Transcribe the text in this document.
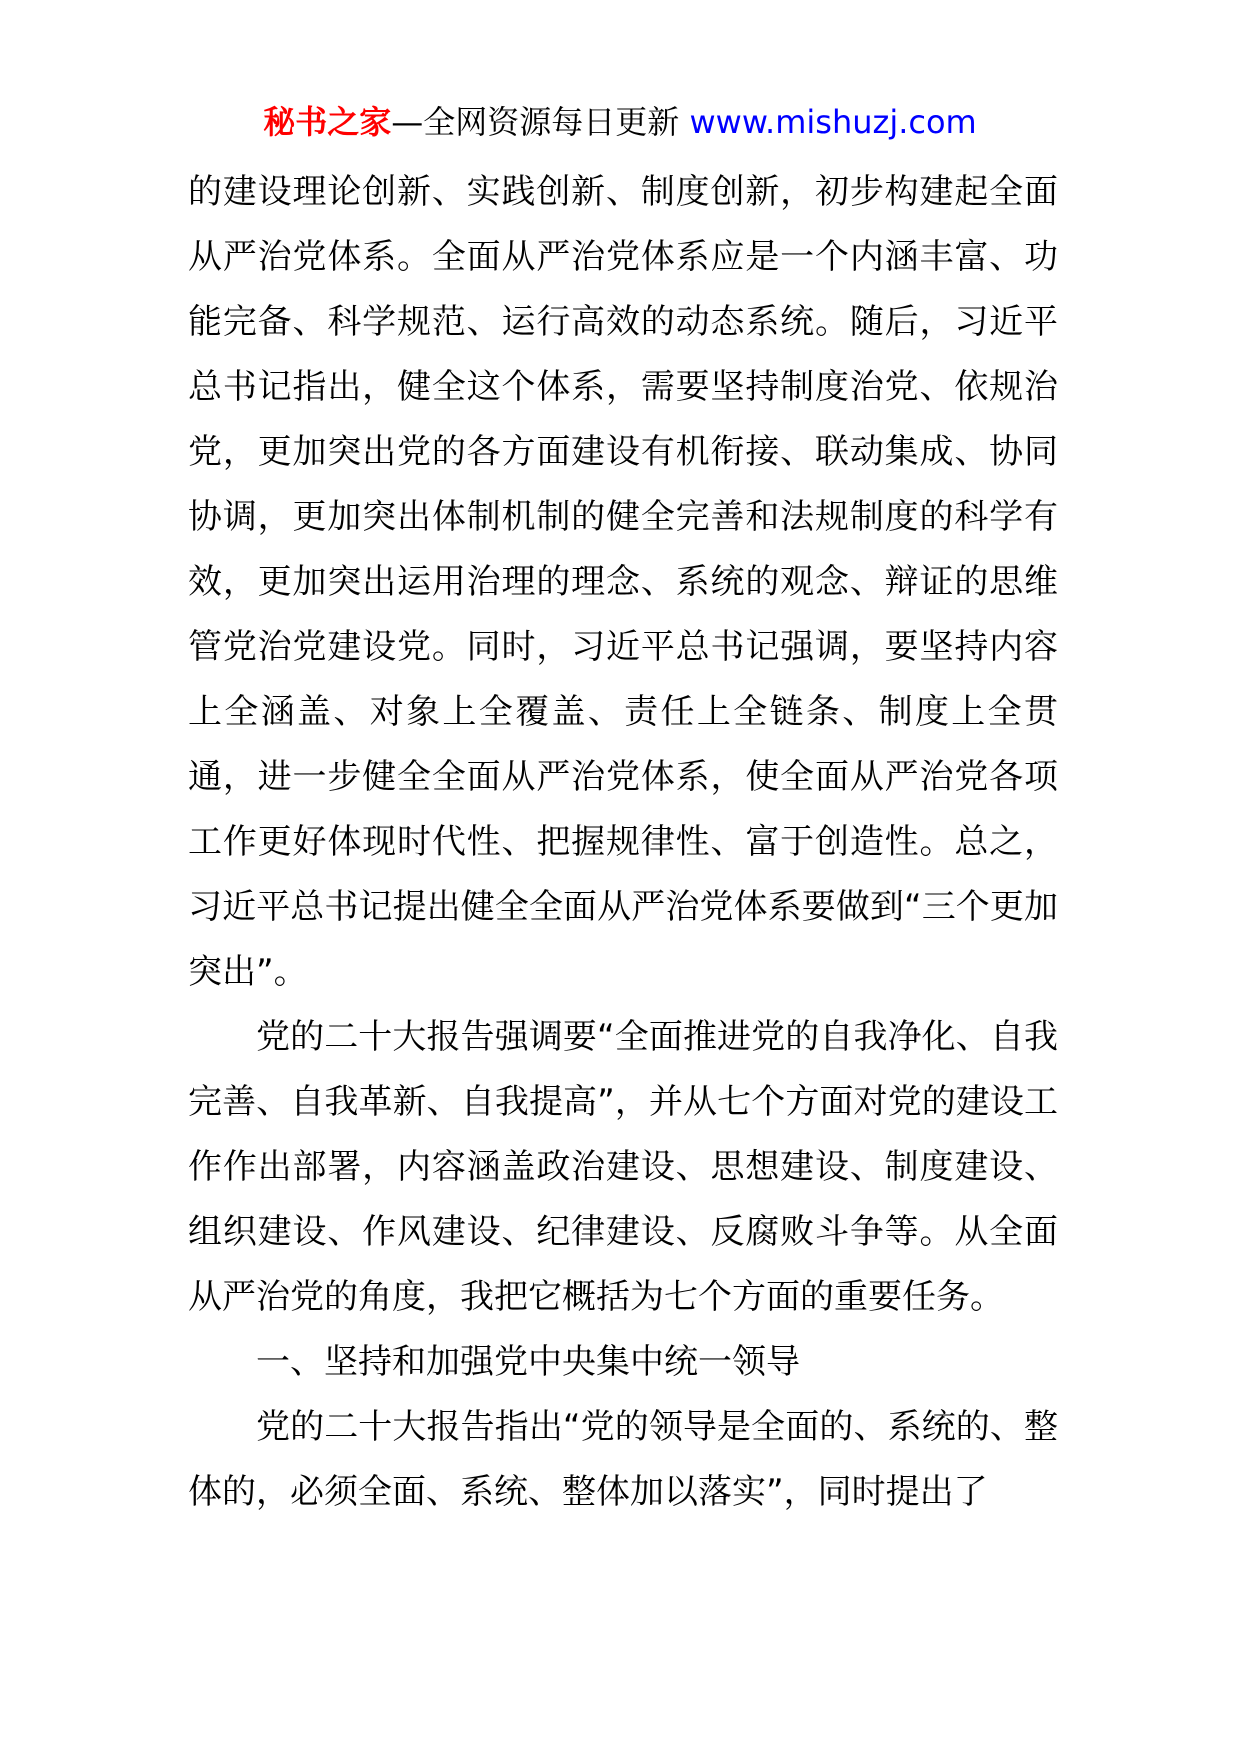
秘书之家—全网资源每日更新 www.mishuzj.com

的建设理论创新、实践创新、制度创新，初步构建起全面从严治党体系。全面从严治党体系应是一个内涵丰富、功能完备、科学规范、运行高效的动态系统。随后，习近平总书记指出，健全这个体系，需要坚持制度治党、依规治党，更加突出党的各方面建设有机衔接、联动集成、协同协调，更加突出体制机制的健全完善和法规制度的科学有效，更加突出运用治理的理念、系统的观念、辩证的思维管党治党建设党。同时，习近平总书记强调，要坚持内容上全涵盖、对象上全覆盖、责任上全链条、制度上全贯通，进一步健全全面从严治党体系，使全面从严治党各项工作更好体现时代性、把握规律性、富于创造性。总之，习近平总书记提出健全全面从严治党体系要做到“三个更加突出”。

党的二十大报告强调要“全面推进党的自我净化、自我完善、自我革新、自我提高”，并从七个方面对党的建设工作作出部署，内容涵盖政治建设、思想建设、制度建设、组织建设、作风建设、纪律建设、反腐败斗争等。从全面从严治党的角度，我把它概括为七个方面的重要任务。

一、坚持和加强党中央集中统一领导

党的二十大报告指出“党的领导是全面的、系统的、整体的，必须全面、系统、整体加以落实”，同时提出了
